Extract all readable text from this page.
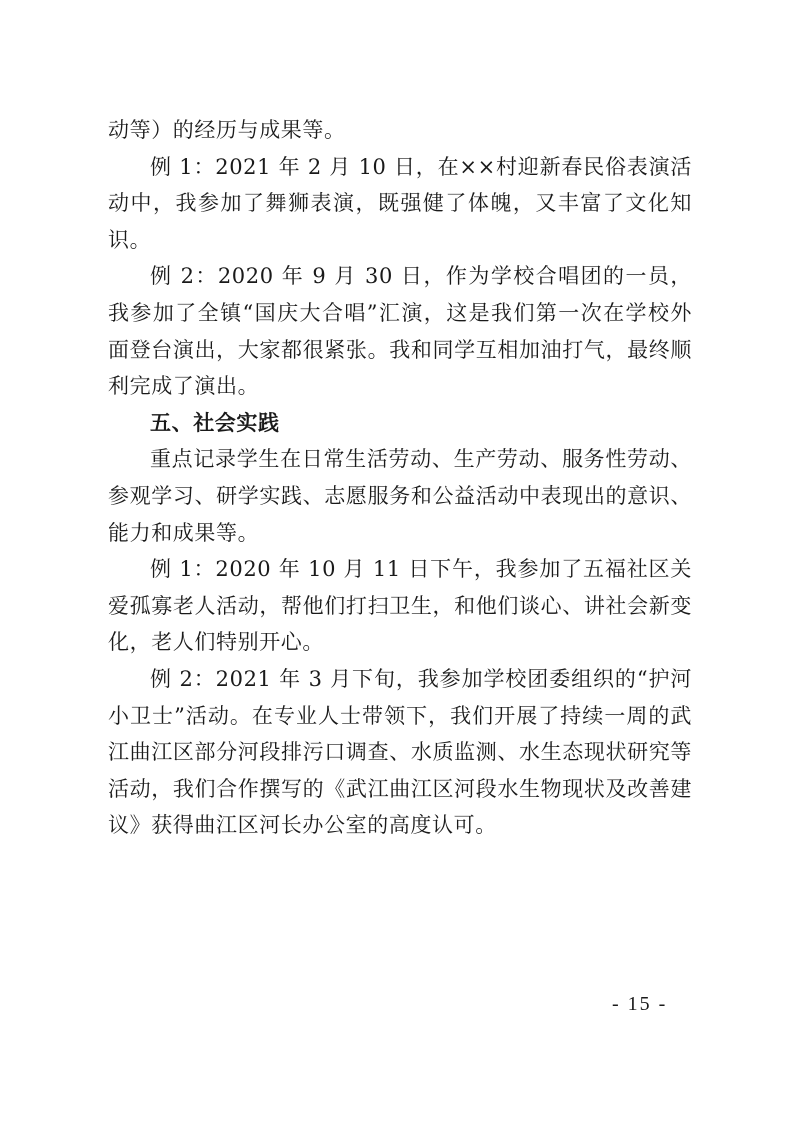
动等）的经历与成果等。

例 1：2021 年 2 月 10 日，在××村迎新春民俗表演活动中，我参加了舞狮表演，既强健了体魄，又丰富了文化知识。

例 2：2020 年 9 月 30 日，作为学校合唱团的一员，我参加了全镇“国庆大合唱”汇演，这是我们第一次在学校外面登台演出，大家都很紧张。我和同学互相加油打气，最终顺利完成了演出。

五、社会实践

重点记录学生在日常生活劳动、生产劳动、服务性劳动、参观学习、研学实践、志愿服务和公益活动中表现出的意识、能力和成果等。

例 1：2020 年 10 月 11 日下午，我参加了五福社区关爱孤寡老人活动，帮他们打扫卫生，和他们谈心、讲社会新变化，老人们特别开心。

例 2：2021 年 3 月下旬，我参加学校团委组织的“护河小卫士”活动。在专业人士带领下，我们开展了持续一周的武江曲江区部分河段排污口调查、水质监测、水生态现状研究等活动，我们合作撰写的《武江曲江区河段水生物现状及改善建议》获得曲江区河长办公室的高度认可。

- 15 -
